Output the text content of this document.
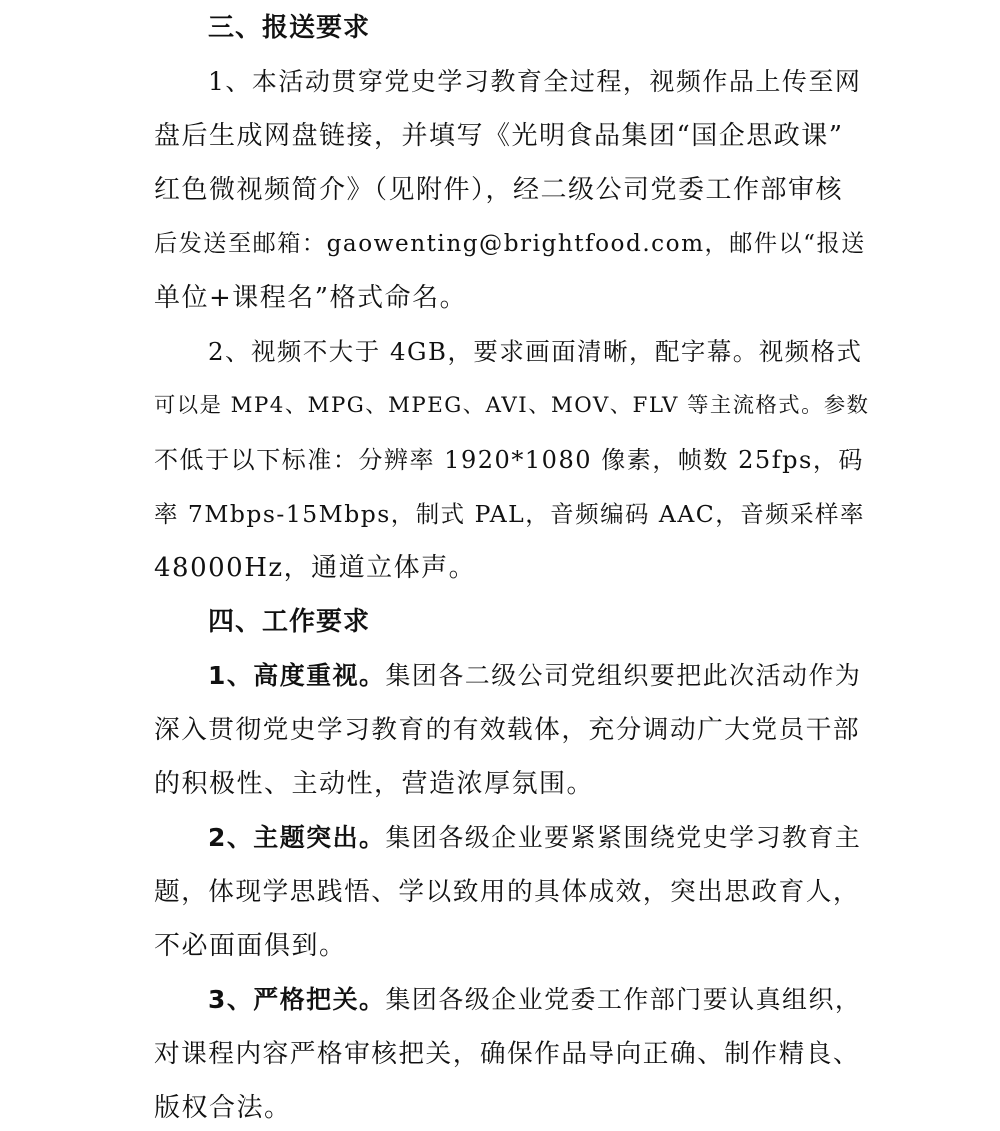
三、报送要求
1、本活动贯穿党史学习教育全过程，视频作品上传至网
盘后生成网盘链接，并填写《光明食品集团“国企思政课”
红色微视频简介》（见附件），经二级公司党委工作部审核
后发送至邮箱：gaowenting@brightfood.com，邮件以“报送
单位+课程名”格式命名。
2、视频不大于 4GB，要求画面清晰，配字幕。视频格式
可以是 MP4、MPG、MPEG、AVI、MOV、FLV 等主流格式。参数
不低于以下标准：分辨率 1920*1080 像素，帧数 25fps，码
率 7Mbps-15Mbps，制式 PAL，音频编码 AAC，音频采样率
48000Hz，通道立体声。
四、工作要求
1、高度重视。集团各二级公司党组织要把此次活动作为
深入贯彻党史学习教育的有效载体，充分调动广大党员干部
的积极性、主动性，营造浓厚氛围。
2、主题突出。集团各级企业要紧紧围绕党史学习教育主
题，体现学思践悟、学以致用的具体成效，突出思政育人，
不必面面俱到。
3、严格把关。集团各级企业党委工作部门要认真组织，
对课程内容严格审核把关，确保作品导向正确、制作精良、
版权合法。
